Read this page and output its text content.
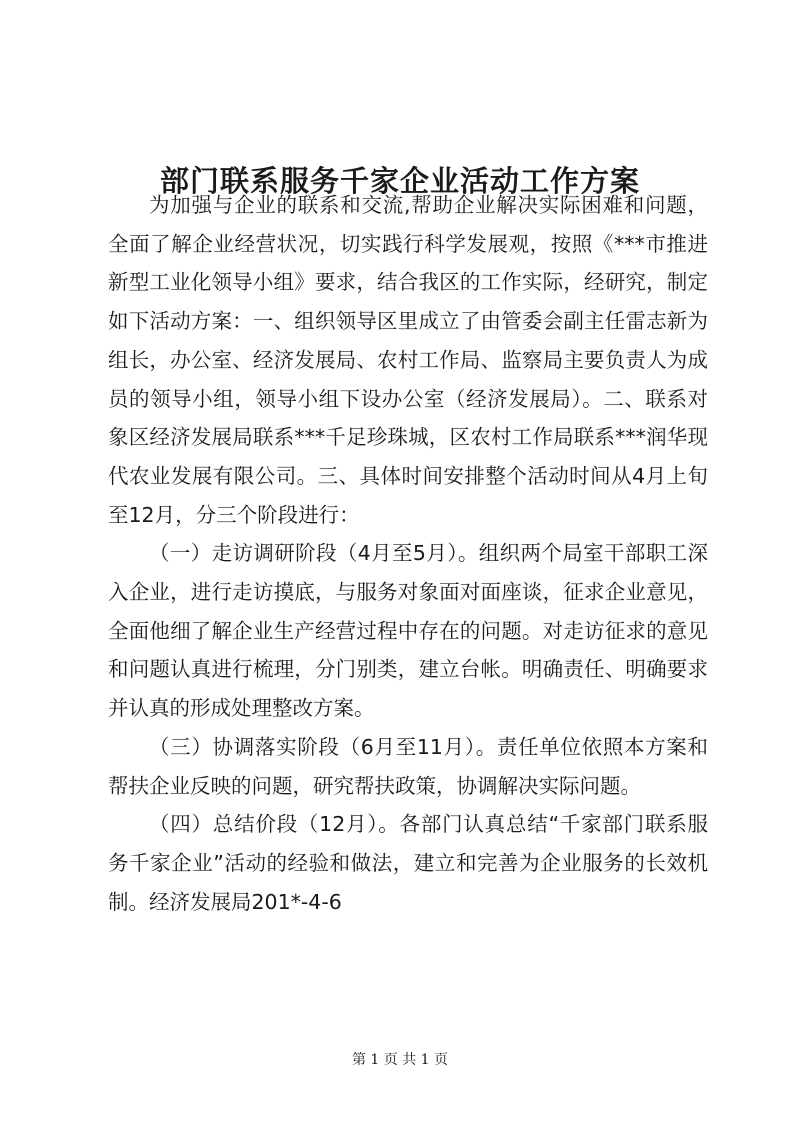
部门联系服务千家企业活动工作方案

为加强与企业的联系和交流,帮助企业解决实际困难和问题，全面了解企业经营状况，切实践行科学发展观，按照《***市推进新型工业化领导小组》要求，结合我区的工作实际，经研究，制定如下活动方案：一、组织领导区里成立了由管委会副主任雷志新为组长，办公室、经济发展局、农村工作局、监察局主要负责人为成员的领导小组，领导小组下设办公室（经济发展局）。二、联系对象区经济发展局联系***千足珍珠城，区农村工作局联系***润华现代农业发展有限公司。三、具体时间安排整个活动时间从4月上旬至12月，分三个阶段进行：

（一）走访调研阶段（4月至5月）。组织两个局室干部职工深入企业，进行走访摸底，与服务对象面对面座谈，征求企业意见，全面他细了解企业生产经营过程中存在的问题。对走访征求的意见和问题认真进行梳理，分门别类，建立台帐。明确责任、明确要求并认真的形成处理整改方案。

（三）协调落实阶段（6月至11月）。责任单位依照本方案和帮扶企业反映的问题，研究帮扶政策，协调解决实际问题。

（四）总结价段（12月）。各部门认真总结“千家部门联系服务千家企业”活动的经验和做法，建立和完善为企业服务的长效机制。经济发展局201*-4-6

第 1 页 共 1 页
